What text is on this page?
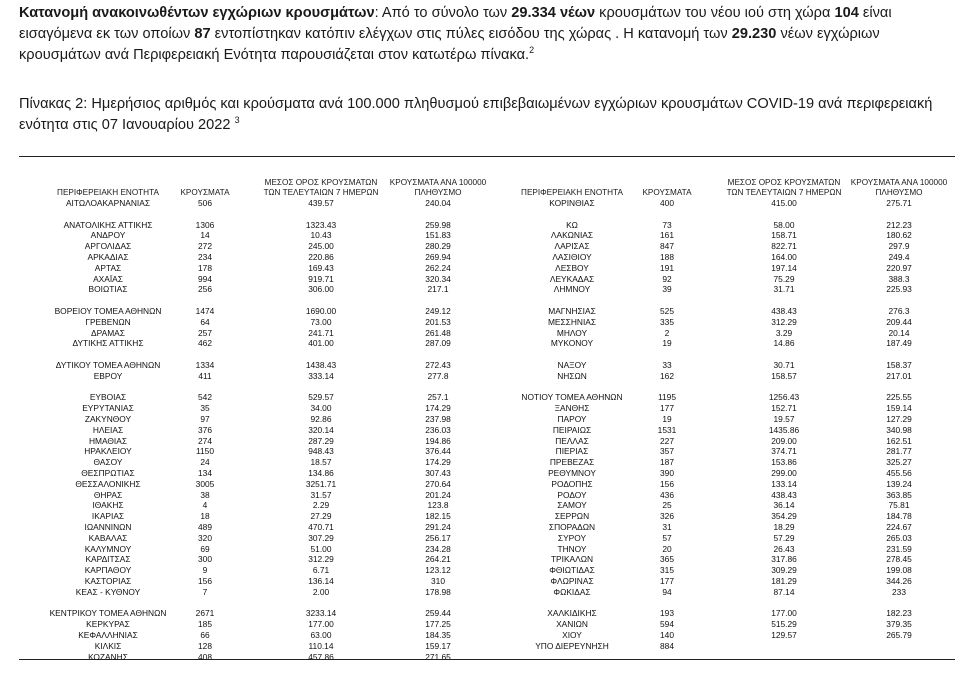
Κατανομή ανακοινωθέντων εγχώριων κρουσμάτων: Από το σύνολο των 29.334 νέων κρουσμάτων του νέου ιού στη χώρα 104 είναι εισαγόμενα εκ των οποίων 87 εντοπίστηκαν κατόπιν ελέγχων στις πύλες εισόδου της χώρας . Η κατανομή των 29.230 νέων εγχώριων κρουσμάτων ανά Περιφερειακή Ενότητα παρουσιάζεται στον κατωτέρω πίνακα.$^2$
Πίνακας 2: Ημερήσιος αριθμός και κρούσματα ανά 100.000 πληθυσμού επιβεβαιωμένων εγχώριων κρουσμάτων COVID-19 ανά περιφερειακή ενότητα στις 07 Ιανουαρίου 2022 $^3$
ΠΕΡΙΦΕΡΕΙΑΚΗ ΕΝΟΤΗΤΑ	ΚΡΟΥΣΜΑΤΑ
ΜΕΣΟΣ ΟΡΟΣ ΚΡΟΥΣΜΑΤΩΝ
ΤΩΝ ΤΕΛΕΥΤΑΙΩΝ 7 ΗΜΕΡΩΝ
ΚΡΟΥΣΜΑΤΑ ΑΝΑ 100000
ΠΛΗΘΥΣΜΟ	ΠΕΡΙΦΕΡΕΙΑΚΗ ΕΝΟΤΗΤΑ	ΚΡΟΥΣΜΑΤΑ
ΜΕΣΟΣ ΟΡΟΣ ΚΡΟΥΣΜΑΤΩΝ
ΤΩΝ ΤΕΛΕΥΤΑΙΩΝ 7 ΗΜΕΡΩΝ
ΚΡΟΥΣΜΑΤΑ ΑΝΑ 100000
ΠΛΗΘΥΣΜΟ
ΑΙΤΩΛΟΑΚΑΡΝΑΝΙΑΣ	506	439.57	240.04
ΑΝΑΤΟΛΙΚΗΣ ΑΤΤΙΚΗΣ	1306	1323.43	259.98
ΑΝΔΡΟΥ	14	10.43	151.83
ΑΡΓΟΛΙΔΑΣ	272	245.00	280.29
ΑΡΚΑΔΙΑΣ	234	220.86	269.94
ΑΡΤΑΣ	178	169.43	262.24
ΑΧΑΪΑΣ	994	919.71	320.34
ΒΟΙΩΤΙΑΣ	256	306.00	217.1
ΒΟΡΕΙΟΥ ΤΟΜΕΑ ΑΘΗΝΩΝ	1474	1690.00	249.12
ΓΡΕΒΕΝΩΝ	64	73.00	201.53
ΔΡΑΜΑΣ	257	241.71	261.48
ΔΥΤΙΚΗΣ ΑΤΤΙΚΗΣ	462	401.00	287.09
ΔΥΤΙΚΟΥ ΤΟΜΕΑ ΑΘΗΝΩΝ	1334	1438.43	272.43
ΕΒΡΟΥ	411	333.14	277.8
ΕΥΒΟΙΑΣ	542	529.57	257.1
ΕΥΡΥΤΑΝΙΑΣ	35	34.00	174.29
ΖΑΚΥΝΘΟΥ	97	92.86	237.98
ΗΛΕΙΑΣ	376	320.14	236.03
ΗΜΑΘΙΑΣ	274	287.29	194.86
ΗΡΑΚΛΕΙΟΥ	1150	948.43	376.44
ΘΑΣΟΥ	24	18.57	174.29
ΘΕΣΠΡΩΤΙΑΣ	134	134.86	307.43
ΘΕΣΣΑΛΟΝΙΚΗΣ	3005	3251.71	270.64
ΘΗΡΑΣ	38	31.57	201.24
ΙΘΑΚΗΣ	4	2.29	123.8
ΙΚΑΡΙΑΣ	18	27.29	182.15
ΙΩΑΝΝΙΝΩΝ	489	470.71	291.24
ΚΑΒΑΛΑΣ	320	307.29	256.17
ΚΑΛΥΜΝΟΥ	69	51.00	234.28
ΚΑΡΔΙΤΣΑΣ	300	312.29	264.21
ΚΑΡΠΑΘΟΥ	9	6.71	123.12
ΚΑΣΤΟΡΙΑΣ	156	136.14	310
ΚΕΑΣ - ΚΥΘΝΟΥ	7	2.00	178.98
ΚΕΝΤΡΙΚΟΥ ΤΟΜΕΑ ΑΘΗΝΩΝ	2671	3233.14	259.44
ΚΕΡΚΥΡΑΣ	185	177.00	177.25
ΚΕΦΑΛΛΗΝΙΑΣ	66	63.00	184.35
ΚΙΛΚΙΣ	128	110.14	159.17
ΚΟΖΑΝΗΣ	408	457.86	271.65
ΚΟΡΙΝΘΙΑΣ	400	415.00	275.71
ΚΩ	73	58.00	212.23
ΛΑΚΩΝΙΑΣ	161	158.71	180.62
ΛΑΡΙΣΑΣ	847	822.71	297.9
ΛΑΣΙΘΙΟΥ	188	164.00	249.4
ΛΕΣΒΟΥ	191	197.14	220.97
ΛΕΥΚΑΔΑΣ	92	75.29	388.3
ΛΗΜΝΟΥ	39	31.71	225.93
ΜΑΓΝΗΣΙΑΣ	525	438.43	276.3
ΜΕΣΣΗΝΙΑΣ	335	312.29	209.44
ΜΗΛΟΥ	2	3.29	20.14
ΜΥΚΟΝΟΥ	19	14.86	187.49
ΝΑΞΟΥ	33	30.71	158.37
ΝΗΣΩΝ	162	158.57	217.01
ΝΟΤΙΟΥ ΤΟΜΕΑ ΑΘΗΝΩΝ	1195	1256.43	225.55
ΞΑΝΘΗΣ	177	152.71	159.14
ΠΑΡΟΥ	19	19.57	127.29
ΠΕΙΡΑΙΩΣ	1531	1435.86	340.98
ΠΕΛΛΑΣ	227	209.00	162.51
ΠΙΕΡΙΑΣ	357	374.71	281.77
ΠΡΕΒΕΖΑΣ	187	153.86	325.27
ΡΕΘΥΜΝΟΥ	390	299.00	455.56
ΡΟΔΟΠΗΣ	156	133.14	139.24
ΡΟΔΟΥ	436	438.43	363.85
ΣΑΜΟΥ	25	36.14	75.81
ΣΕΡΡΩΝ	326	354.29	184.78
ΣΠΟΡΑΔΩΝ	31	18.29	224.67
ΣΥΡΟΥ	57	57.29	265.03
ΤΗΝΟΥ	20	26.43	231.59
ΤΡΙΚΑΛΩΝ	365	317.86	278.45
ΦΘΙΩΤΙΔΑΣ	315	309.29	199.08
ΦΛΩΡΙΝΑΣ	177	181.29	344.26
ΦΩΚΙΔΑΣ	94	87.14	233
ΧΑΛΚΙΔΙΚΗΣ	193	177.00	182.23
ΧΑΝΙΩΝ	594	515.29	379.35
ΧΙΟΥ	140	129.57	265.79
ΥΠΟ ΔΙΕΡΕΥΝΗΣΗ	884
